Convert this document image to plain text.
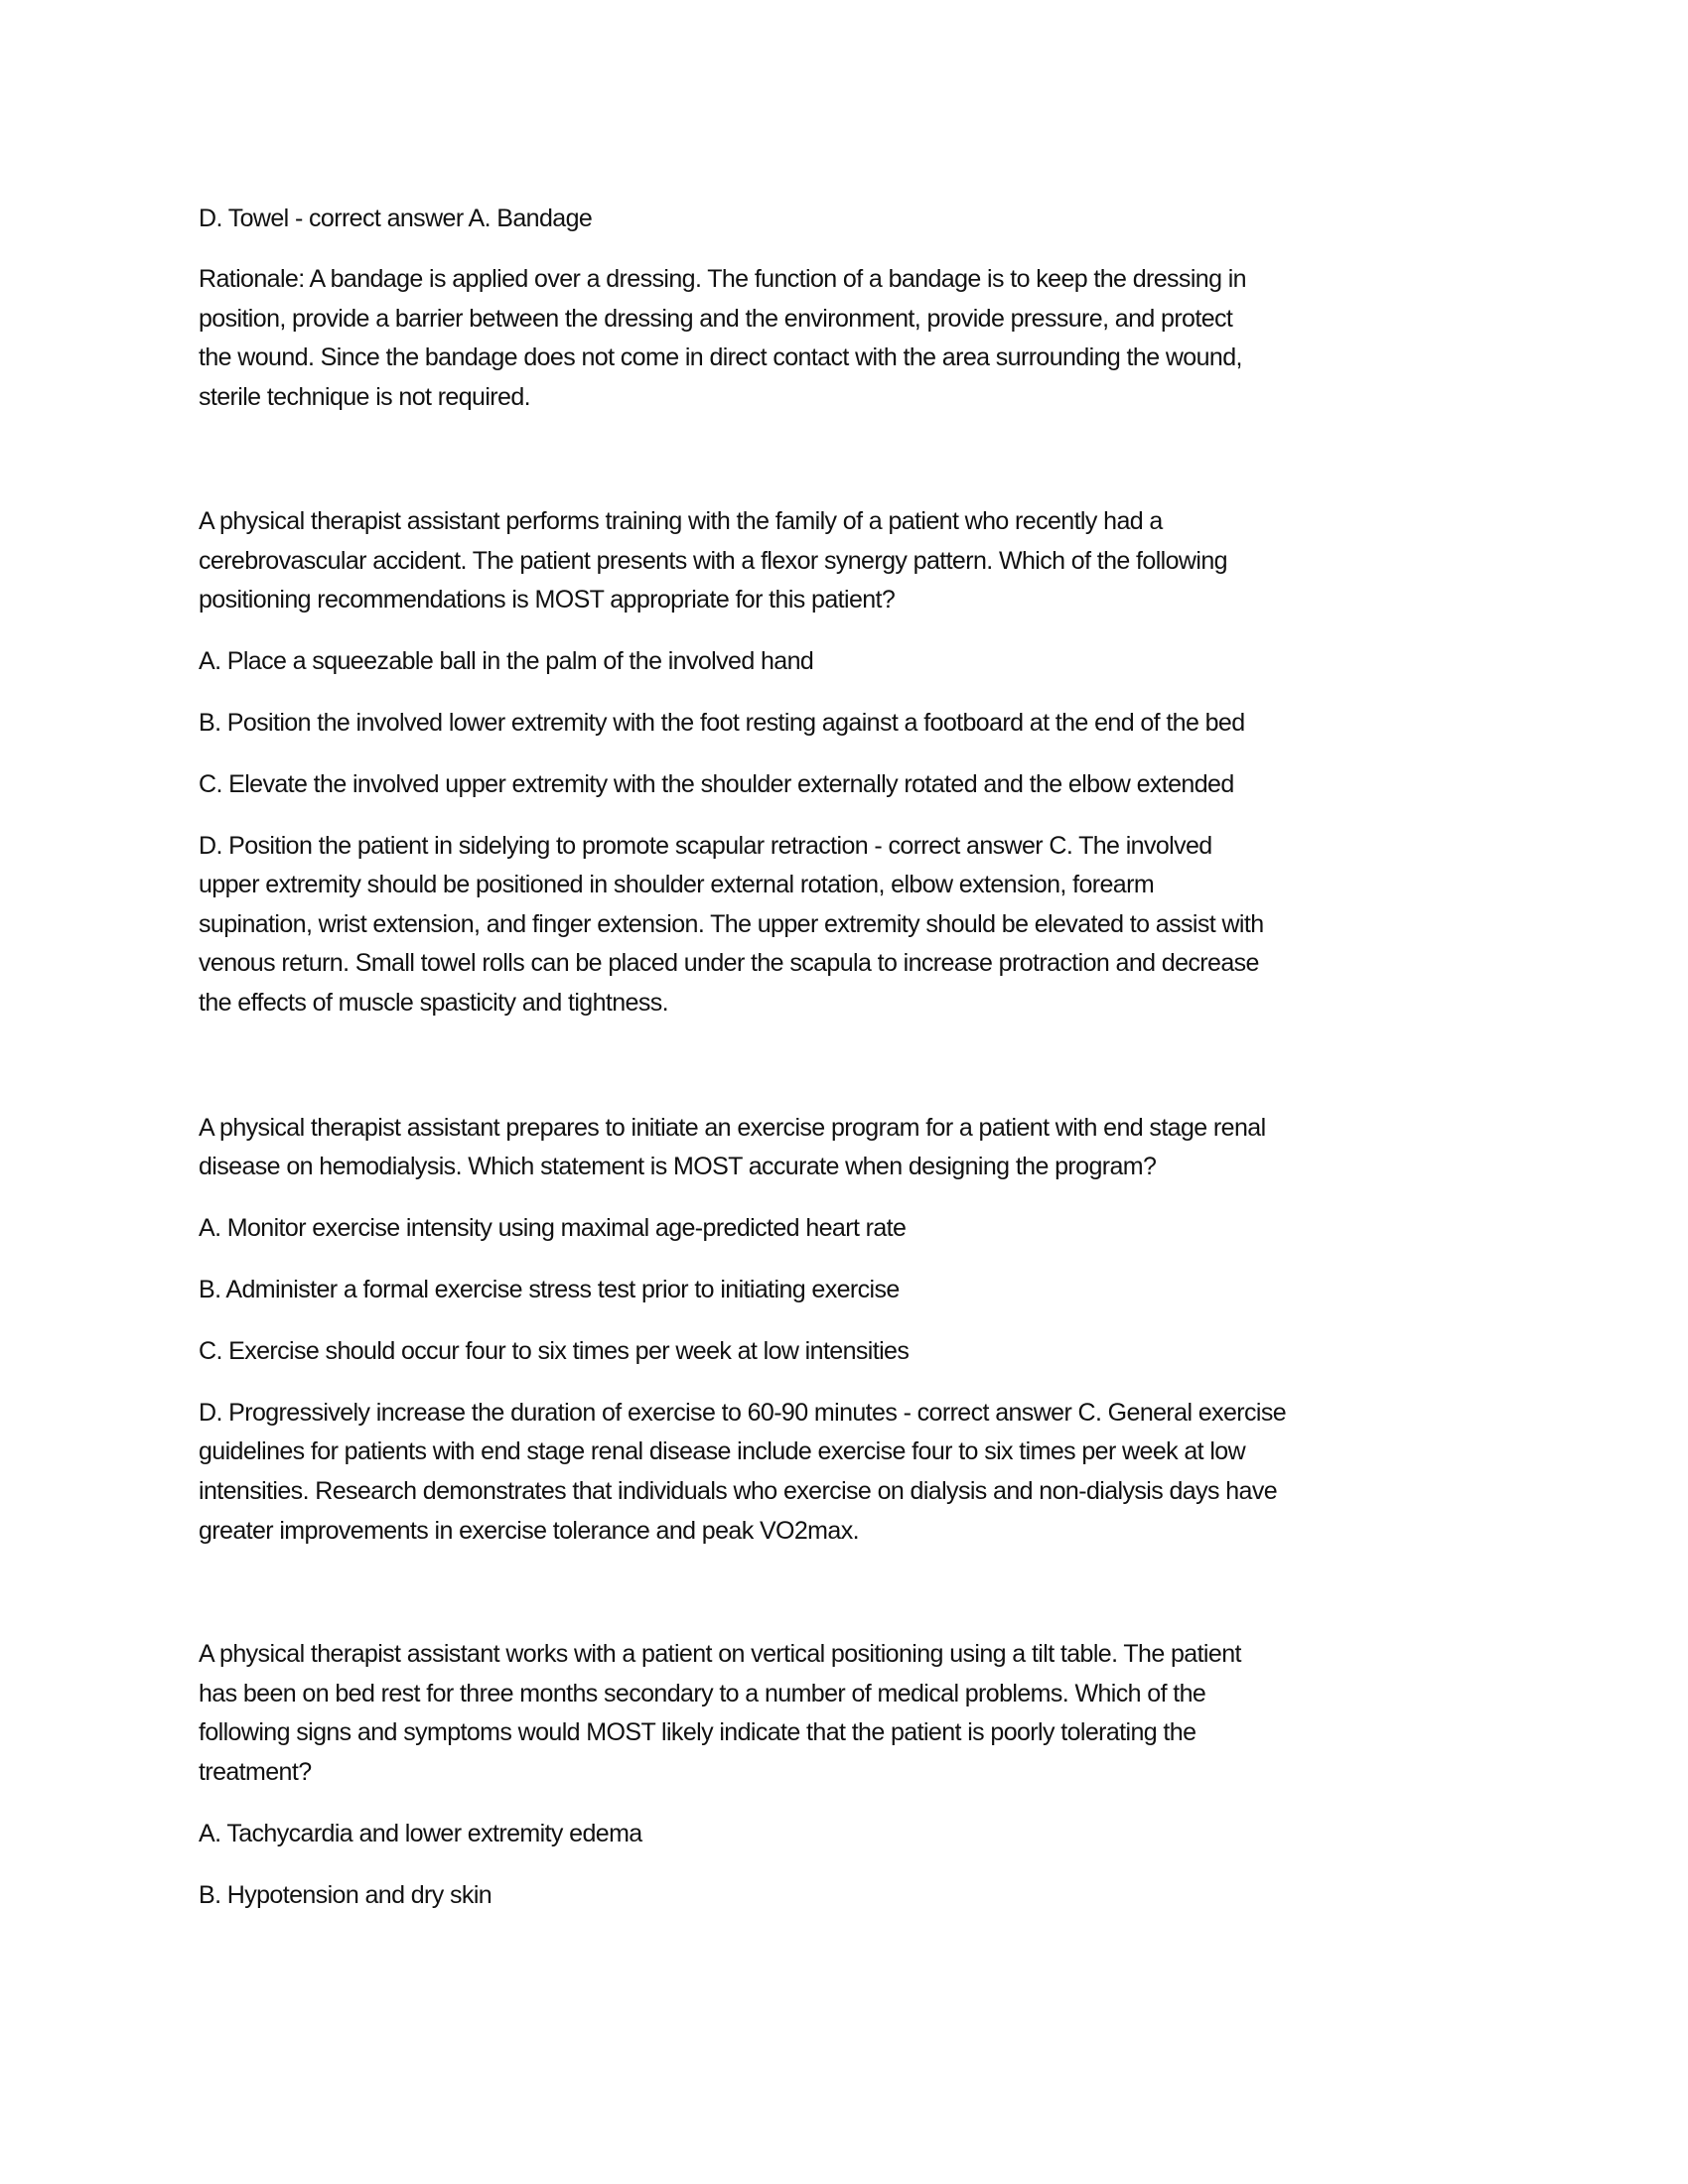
D. Towel - correct answer A. Bandage
Rationale: A bandage is applied over a dressing. The function of a bandage is to keep the dressing in
position, provide a barrier between the dressing and the environment, provide pressure, and protect
the wound. Since the bandage does not come in direct contact with the area surrounding the wound,
sterile technique is not required.
A physical therapist assistant performs training with the family of a patient who recently had a
cerebrovascular accident. The patient presents with a flexor synergy pattern. Which of the following
positioning recommendations is MOST appropriate for this patient?
A. Place a squeezable ball in the palm of the involved hand
B. Position the involved lower extremity with the foot resting against a footboard at the end of the bed
C. Elevate the involved upper extremity with the shoulder externally rotated and the elbow extended
D. Position the patient in sidelying to promote scapular retraction - correct answer C. The involved
upper extremity should be positioned in shoulder external rotation, elbow extension, forearm
supination, wrist extension, and finger extension. The upper extremity should be elevated to assist with
venous return. Small towel rolls can be placed under the scapula to increase protraction and decrease
the effects of muscle spasticity and tightness.
A physical therapist assistant prepares to initiate an exercise program for a patient with end stage renal
disease on hemodialysis. Which statement is MOST accurate when designing the program?
A. Monitor exercise intensity using maximal age-predicted heart rate
B. Administer a formal exercise stress test prior to initiating exercise
C. Exercise should occur four to six times per week at low intensities
D. Progressively increase the duration of exercise to 60-90 minutes - correct answer C. General exercise
guidelines for patients with end stage renal disease include exercise four to six times per week at low
intensities. Research demonstrates that individuals who exercise on dialysis and non-dialysis days have
greater improvements in exercise tolerance and peak VO2max.
A physical therapist assistant works with a patient on vertical positioning using a tilt table. The patient
has been on bed rest for three months secondary to a number of medical problems. Which of the
following signs and symptoms would MOST likely indicate that the patient is poorly tolerating the
treatment?
A. Tachycardia and lower extremity edema
B. Hypotension and dry skin
